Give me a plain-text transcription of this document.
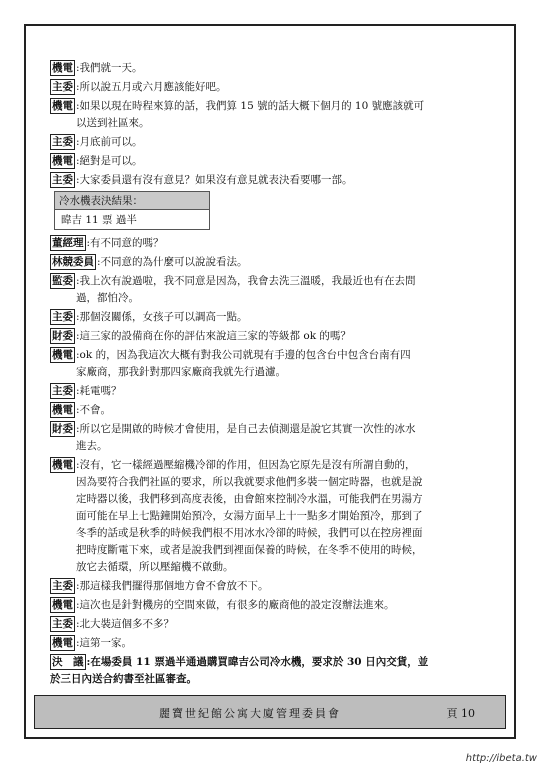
機電 : 我們就一天。
主委 : 所以說五月或六月應該能好吧。
機電 : 如果以現在時程來算的話，我們算 15 號的話大概下個月的 10 號應該就可
以送到社區來。
主委 : 月底前可以。
機電 : 絕對是可以。
主委 : 大家委員還有沒有意見？如果沒有意見就表決看要哪一部。
冷水機表決結果：
暐吉 11 票 過半
董經理 : 有不同意的嗎？
林競委員 : 不同意的為什麼可以說說看法。
監委 : 我上次有說過啦，我不同意是因為，我會去洗三溫暖，我最近也有在去問
過，都怕冷。
主委 : 那個沒關係，女孩子可以調高一點。
財委 : 這三家的設備商在你的評估來說這三家的等級都 ok 的嗎？
機電 : ok 的，因為我這次大概有對我公司就現有手邊的包含台中包含台南有四
家廠商，那我針對那四家廠商我就先行過濾。
主委 : 耗電嗎？
機電 : 不會。
財委 : 所以它是開啟的時候才會使用，是自己去偵測還是說它其實一次性的冰水
進去。
機電 : 沒有，它一樣經過壓縮機冷卻的作用，但因為它原先是沒有所謂自動的，
因為要符合我們社區的要求，所以我就要求他們多裝一個定時器，也就是說
定時器以後，我們移到高度表後，由會館來控制冷水溫，可能我們在男湯方
面可能在早上七點鐘開始預冷，女湯方面早上十一點多才開始預冷，那到了
冬季的話或是秋季的時候我們根不用冰水冷卻的時候，我們可以在控房裡面
把時度斷電下來，或者是說我們到裡面保養的時候，在冬季不使用的時候，
放它去循環，所以壓縮機不啟動。
主委 : 那這樣我們擺得那個地方會不會放不下。
機電 : 這次也是針對機房的空間來做，有很多的廠商他的設定沒辦法進來。
主委 : 北大裝這個多不多？
機電 : 這第一家。
決　議 : 在場委員 11 票過半通過購買暐吉公司冷水機，要求於 30 日內交貨，並
於三日內送合約書至社區審查。
麗寶世紀館公寓大廈管理委員會	頁 10
http://ibeta.tw
